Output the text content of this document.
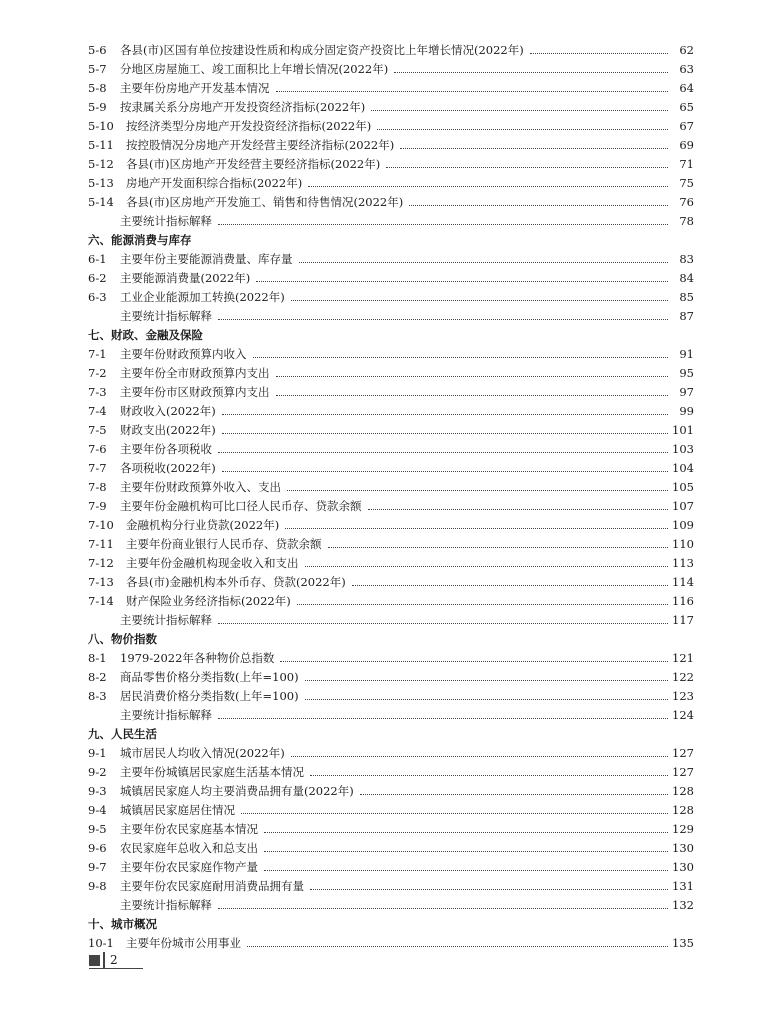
5-6	各县(市)区国有单位按建设性质和构成分固定资产投资比上年增长情况(2022年)	62
5-7	分地区房屋施工、竣工面积比上年增长情况(2022年)	63
5-8	主要年份房地产开发基本情况	64
5-9	按隶属关系分房地产开发投资经济指标(2022年)	65
5-10	按经济类型分房地产开发投资经济指标(2022年)	67
5-11	按控股情况分房地产开发经营主要经济指标(2022年)	69
5-12	各县(市)区房地产开发经营主要经济指标(2022年)	71
5-13	房地产开发面积综合指标(2022年)	75
5-14	各县(市)区房地产开发施工、销售和待售情况(2022年)	76
主要统计指标解释	78
六、能源消费与库存
6-1	主要年份主要能源消费量、库存量	83
6-2	主要能源消费量(2022年)	84
6-3	工业企业能源加工转换(2022年)	85
主要统计指标解释	87
七、财政、金融及保险
7-1	主要年份财政预算内收入	91
7-2	主要年份全市财政预算内支出	95
7-3	主要年份市区财政预算内支出	97
7-4	财政收入(2022年)	99
7-5	财政支出(2022年)	101
7-6	主要年份各项税收	103
7-7	各项税收(2022年)	104
7-8	主要年份财政预算外收入、支出	105
7-9	主要年份金融机构可比口径人民币存、贷款余额	107
7-10	金融机构分行业贷款(2022年)	109
7-11	主要年份商业银行人民币存、贷款余额	110
7-12	主要年份金融机构现金收入和支出	113
7-13	各县(市)金融机构本外币存、贷款(2022年)	114
7-14	财产保险业务经济指标(2022年)	116
主要统计指标解释	117
八、物价指数
8-1	1979-2022年各种物价总指数	121
8-2	商品零售价格分类指数(上年=100)	122
8-3	居民消费价格分类指数(上年=100)	123
主要统计指标解释	124
九、人民生活
9-1	城市居民人均收入情况(2022年)	127
9-2	主要年份城镇居民家庭生活基本情况	127
9-3	城镇居民家庭人均主要消费品拥有量(2022年)	128
9-4	城镇居民家庭居住情况	128
9-5	主要年份农民家庭基本情况	129
9-6	农民家庭年总收入和总支出	130
9-7	主要年份农民家庭作物产量	130
9-8	主要年份农民家庭耐用消费品拥有量	131
主要统计指标解释	132
十、城市概况
10-1	主要年份城市公用事业	135
2
